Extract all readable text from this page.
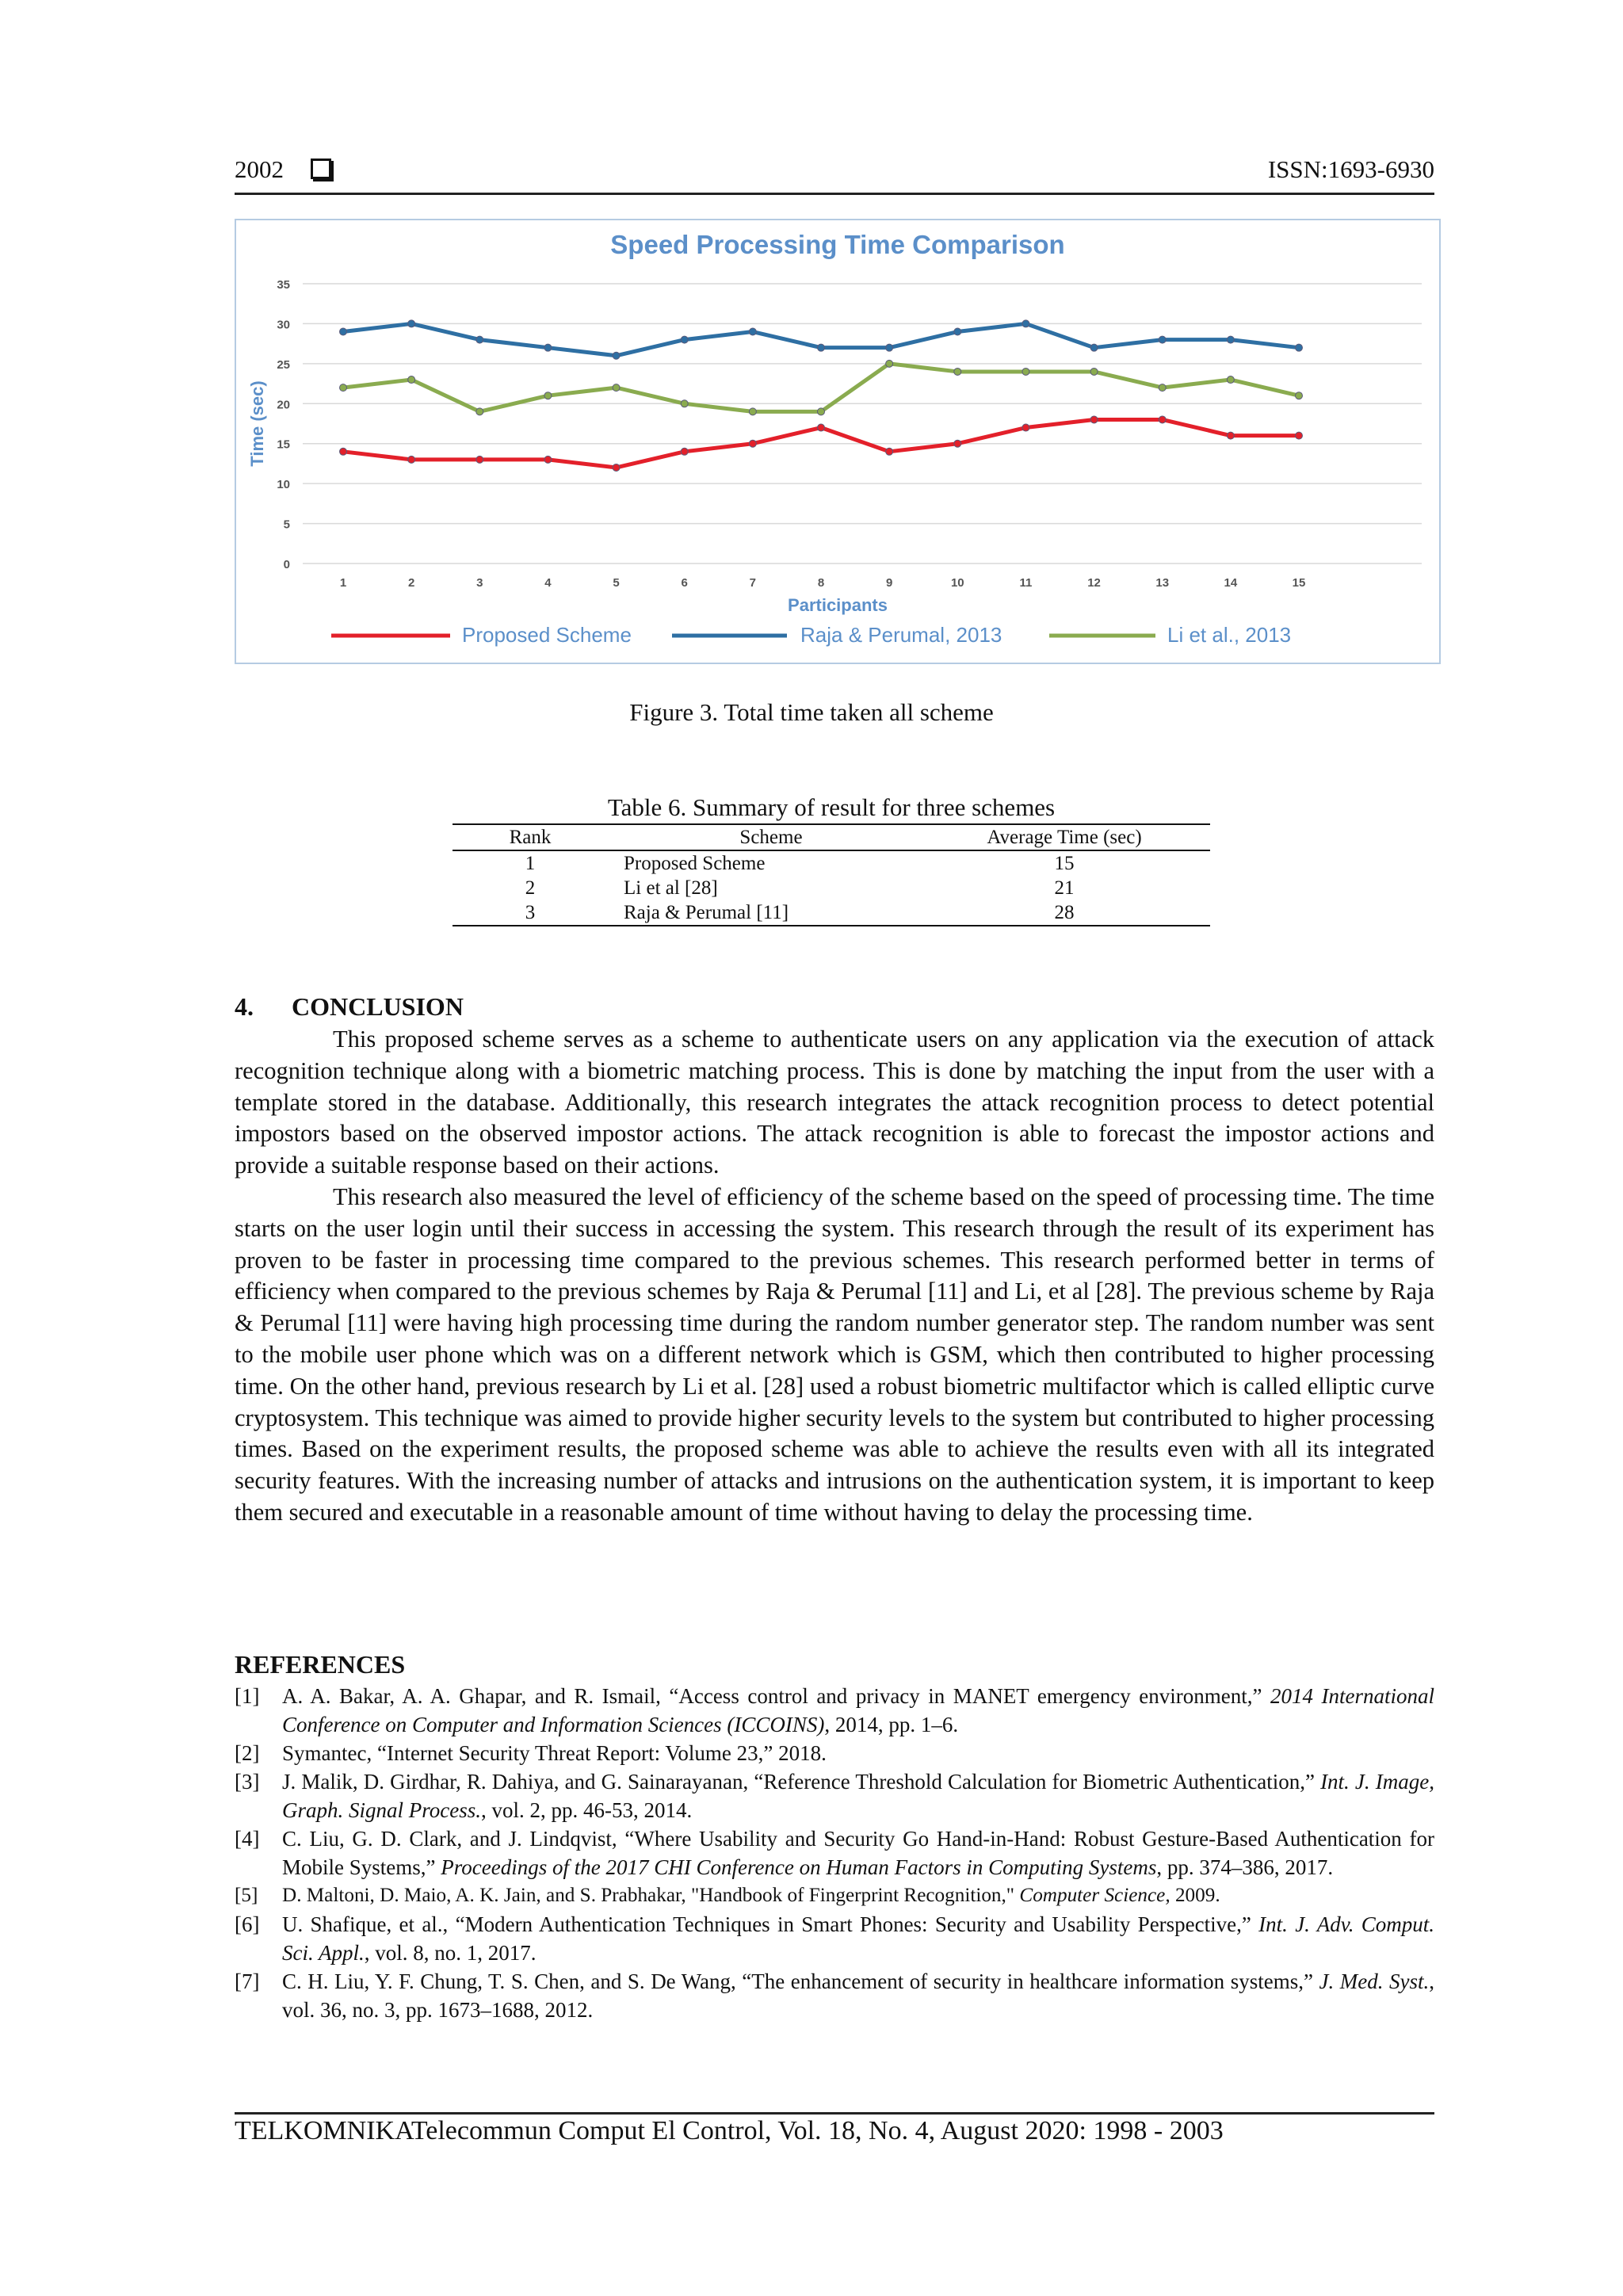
2002	ISSN:1693-6930
Speed Processing Time Comparison
0
5
10
15
20
25
30
35
1	2	3	4	5	6	7	8	9	10	11	12	13	14	15
Participants
Time (sec)
Proposed Scheme	Raja & Perumal, 2013	Li et al., 2013
Figure 3. Total time taken all scheme
Table 6. Summary of result for three schemes
Rank	Scheme	Average Time (sec)
1	Proposed Scheme	15
2	Li et al [28]	21
3	Raja & Perumal [11]	28
4. CONCLUSION

This proposed scheme serves as a scheme to authenticate users on any application via the execution of attack recognition technique along with a biometric matching process. This is done by matching the input from the user with a template stored in the database. Additionally, this research integrates the attack recognition process to detect potential impostors based on the observed impostor actions. The attack recognition is able to forecast the impostor actions and provide a suitable response based on their actions.

This research also measured the level of efficiency of the scheme based on the speed of processing time. The time starts on the user login until their success in accessing the system. This research through the result of its experiment has proven to be faster in processing time compared to the previous schemes. This research performed better in terms of efficiency when compared to the previous schemes by Raja & Perumal [11] and Li, et al [28]. The previous scheme by Raja & Perumal [11] were having high processing time during the random number generator step. The random number was sent to the mobile user phone which was on a different network which is GSM, which then contributed to higher processing time. On the other hand, previous research by Li et al. [28] used a robust biometric multifactor which is called elliptic curve cryptosystem. This technique was aimed to provide higher security levels to the system but contributed to higher processing times. Based on the experiment results, the proposed scheme was able to achieve the results even with all its integrated security features. With the increasing number of attacks and intrusions on the authentication system, it is important to keep them secured and executable in a reasonable amount of time without having to delay the processing time.

REFERENCES
[1] A. A. Bakar, A. A. Ghapar, and R. Ismail, “Access control and privacy in MANET emergency environment,” 2014 International Conference on Computer and Information Sciences (ICCOINS), 2014, pp. 1–6.
[2] Symantec, “Internet Security Threat Report: Volume 23,” 2018.
[3] J. Malik, D. Girdhar, R. Dahiya, and G. Sainarayanan, “Reference Threshold Calculation for Biometric Authentication,” Int. J. Image, Graph. Signal Process., vol. 2, pp. 46-53, 2014.
[4] C. Liu, G. D. Clark, and J. Lindqvist, “Where Usability and Security Go Hand-in-Hand: Robust Gesture-Based Authentication for Mobile Systems,” Proceedings of the 2017 CHI Conference on Human Factors in Computing Systems, pp. 374–386, 2017.
[5] D. Maltoni, D. Maio, A. K. Jain, and S. Prabhakar, "Handbook of Fingerprint Recognition," Computer Science, 2009.
[6] U. Shafique, et al., “Modern Authentication Techniques in Smart Phones: Security and Usability Perspective,” Int. J. Adv. Comput. Sci. Appl., vol. 8, no. 1, 2017.
[7] C. H. Liu, Y. F. Chung, T. S. Chen, and S. De Wang, “The enhancement of security in healthcare information systems,” J. Med. Syst., vol. 36, no. 3, pp. 1673–1688, 2012.
TELKOMNIKATelecommun Comput El Control, Vol. 18, No. 4, August 2020: 1998 - 2003
